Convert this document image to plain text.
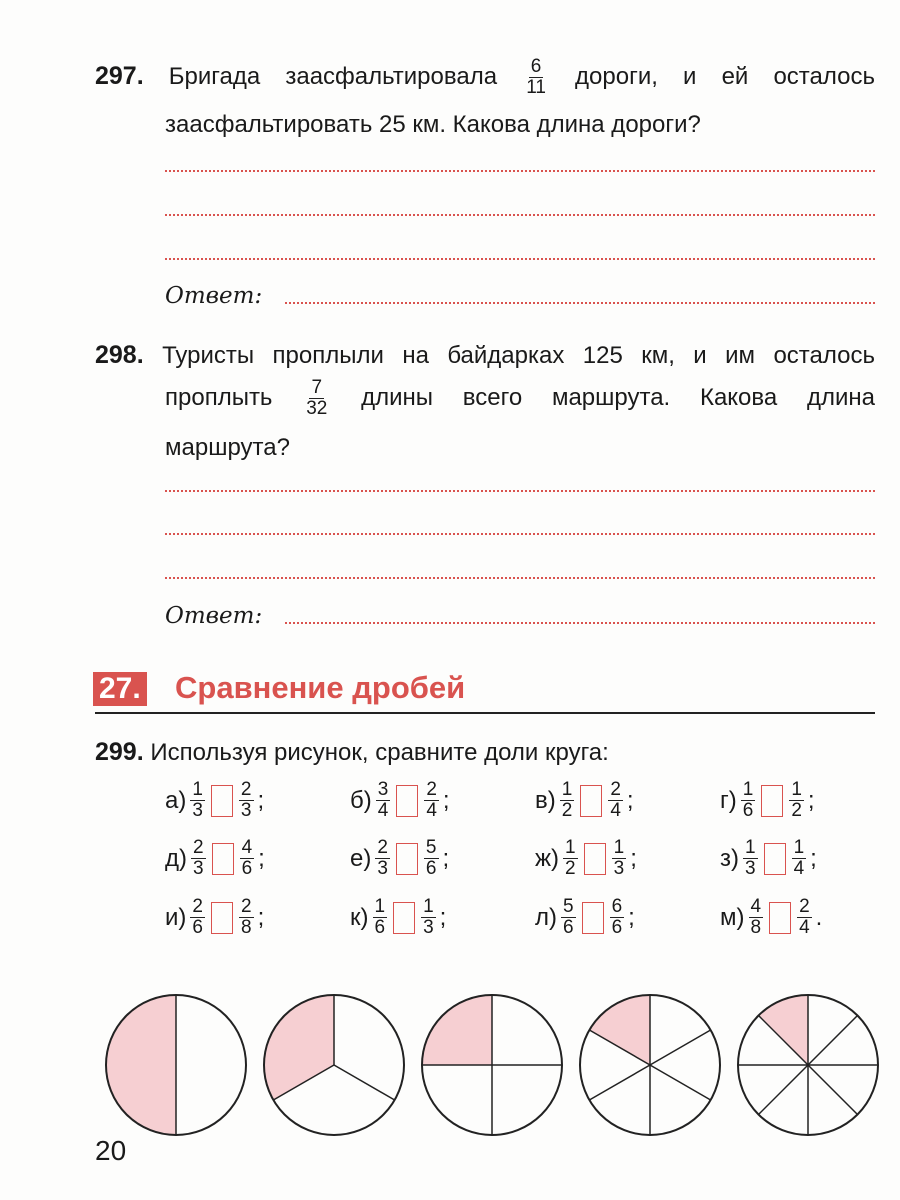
297. Бригада заасфальтировала $\frac{6}{11}$ дороги, и ей осталось
заасфальтировать 25 км. Какова длина дороги?
Ответ:
298. Туристы проплыли на байдарках 125 км, и им осталось
проплыть $\frac{7}{32}$ длины всего маршрута. Какова длина
маршрута?
Ответ:
27. Сравнение дробей
299. Используя рисунок, сравните доли круга:
$а) \frac{1}{3} \frac{2}{3}$ ;	$б) \frac{3}{4} \frac{2}{4}$ ;	$в) \frac{1}{2} \frac{2}{4}$ ;	$г) \frac{1}{6} \frac{1}{2}$ ;
$д) \frac{2}{3} \frac{4}{6}$ ;	$е) \frac{2}{3} \frac{5}{6}$ ;	$ж) \frac{1}{2} \frac{1}{3}$ ;	$з) \frac{1}{3} \frac{1}{4}$ ;
$и) \frac{2}{6} \frac{2}{8}$ ;	$к) \frac{1}{6} \frac{1}{3}$ ;	$л) \frac{5}{6} \frac{6}{6}$ ;	$м) \frac{4}{8} \frac{2}{4}$ .
20
